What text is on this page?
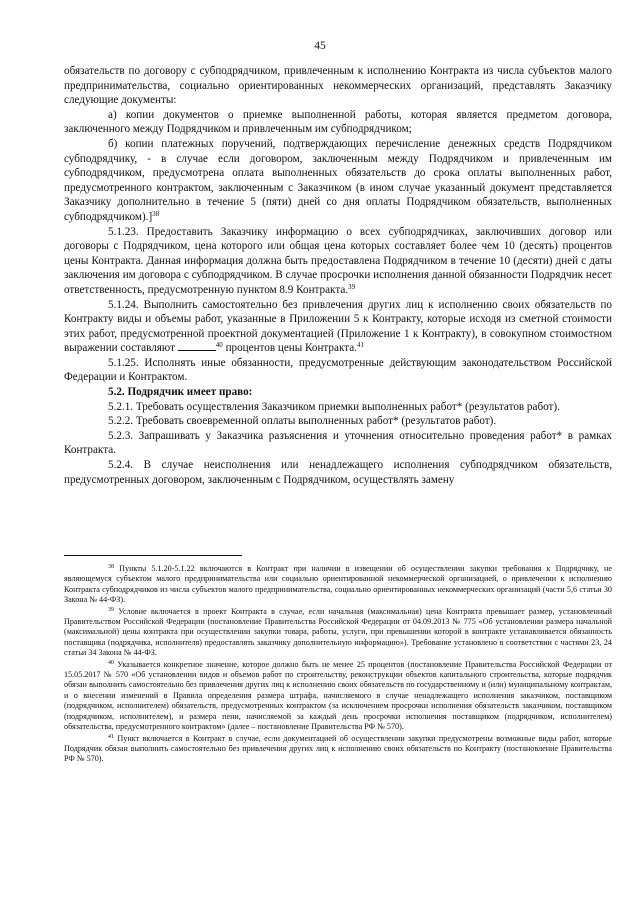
45

обязательств по договору с субподрядчиком, привлеченным к исполнению Контракта из числа субъектов малого предпринимательства, социально ориентированных некоммерческих организаций, представлять Заказчику следующие документы:

а) копии документов о приемке выполненной работы, которая является предметом договора, заключенного между Подрядчиком и привлеченным им субподрядчиком;

б) копии платежных поручений, подтверждающих перечисление денежных средств Подрядчиком субподрядчику, - в случае если договором, заключенным между Подрядчиком и привлеченным им субподрядчиком, предусмотрена оплата выполненных обязательств до срока оплаты выполненных работ, предусмотренного контрактом, заключенным с Заказчиком (в ином случае указанный документ представляется Заказчику дополнительно в течение 5 (пяти) дней со дня оплаты Подрядчиком обязательств, выполненных субподрядчиком).]$^{38}$

5.1.23. Предоставить Заказчику информацию о всех субподрядчиках, заключивших договор или договоры с Подрядчиком, цена которого или общая цена которых составляет более чем 10 (десять) процентов цены Контракта. Данная информация должна быть предоставлена Подрядчиком в течение 10 (десяти) дней с даты заключения им договора с субподрядчиком. В случае просрочки исполнения данной обязанности Подрядчик несет ответственность, предусмотренную пунктом 8.9 Контракта.$^{39}$

5.1.24. Выполнить самостоятельно без привлечения других лиц к исполнению своих обязательств по Контракту виды и объемы работ, указанные в Приложении 5 к Контракту, которые исходя из сметной стоимости этих работ, предусмотренной проектной документацией (Приложение 1 к Контракту), в совокупном стоимостном выражении составляют	$^{40}$ процентов цены Контракта.$^{41}$

5.1.25. Исполнять иные обязанности, предусмотренные действующим законодательством Российской Федерации и Контрактом.

5.2. Подрядчик имеет право:

5.2.1. Требовать осуществления Заказчиком приемки выполненных работ* (результатов работ).

5.2.2. Требовать своевременной оплаты выполненных работ* (результатов работ).

5.2.3. Запрашивать у Заказчика разъяснения и уточнения относительно проведения работ* в рамках Контракта.

5.2.4. В случае неисполнения или ненадлежащего исполнения субподрядчиком обязательств, предусмотренных договором, заключенным с Подрядчиком, осуществлять замену

$^{38}$ Пункты 5.1.20-5.1.22 включаются в Контракт при наличии в извещении об осуществлении закупки требования к Подрядчику, не являющемуся субъектом малого предпринимательства или социально ориентированной некоммерческой организацией, о привлечении к исполнению Контракта субподрядчиков из числа субъектов малого предпринимательства, социально ориентированных некоммерческих организаций (части 5,6 статьи 30 Закона № 44-ФЗ).

$^{39}$ Условие включается в проект Контракта в случае, если начальная (максимальная) цена Контракта превышает размер, установленный Правительством Российской Федерации (постановление Правительства Российской Федерации от 04.09.2013 № 775 «Об установлении размера начальной (максимальной) цены контракта при осуществлении закупки товара, работы, услуги, при превышении которой в контракте устанавливается обязанность поставщика (подрядчика, исполнителя) предоставлять заказчику дополнительную информацию»). Требование установлено в соответствии с частями 23, 24 статьи 34 Закона № 44-ФЗ.

$^{40}$ Указывается конкретное значение, которое должно быть не менее 25 процентов (постановление Правительства Российской Федерации от 15.05.2017 № 570 «Об установлении видов и объемов работ по строительству, реконструкции объектов капитального строительства, которые подрядчик обязан выполнить самостоятельно без привлечения других лиц к исполнению своих обязательств по государственному и (или) муниципальному контрактам, и о внесении изменений в Правила определения размера штрафа, начисляемого в случае ненадлежащего исполнения заказчиком, поставщиком (подрядчиком, исполнителем) обязательств, предусмотренных контрактом (за исключением просрочки исполнения обязательств заказчиком, поставщиком (подрядчиком, исполнителем), и размера пени, начисляемой за каждый день просрочки исполнения поставщиком (подрядчиком, исполнителем) обязательства, предусмотренного контрактом» (далее – постановление Правительства РФ № 570).

$^{41}$ Пункт включается в Контракт в случае, если документацией об осуществлении закупки предусмотрены возможные виды работ, которые Подрядчик обязан выполнить самостоятельно без привлечения других лиц к исполнению своих обязательств по Контракту (постановление Правительства РФ № 570).
